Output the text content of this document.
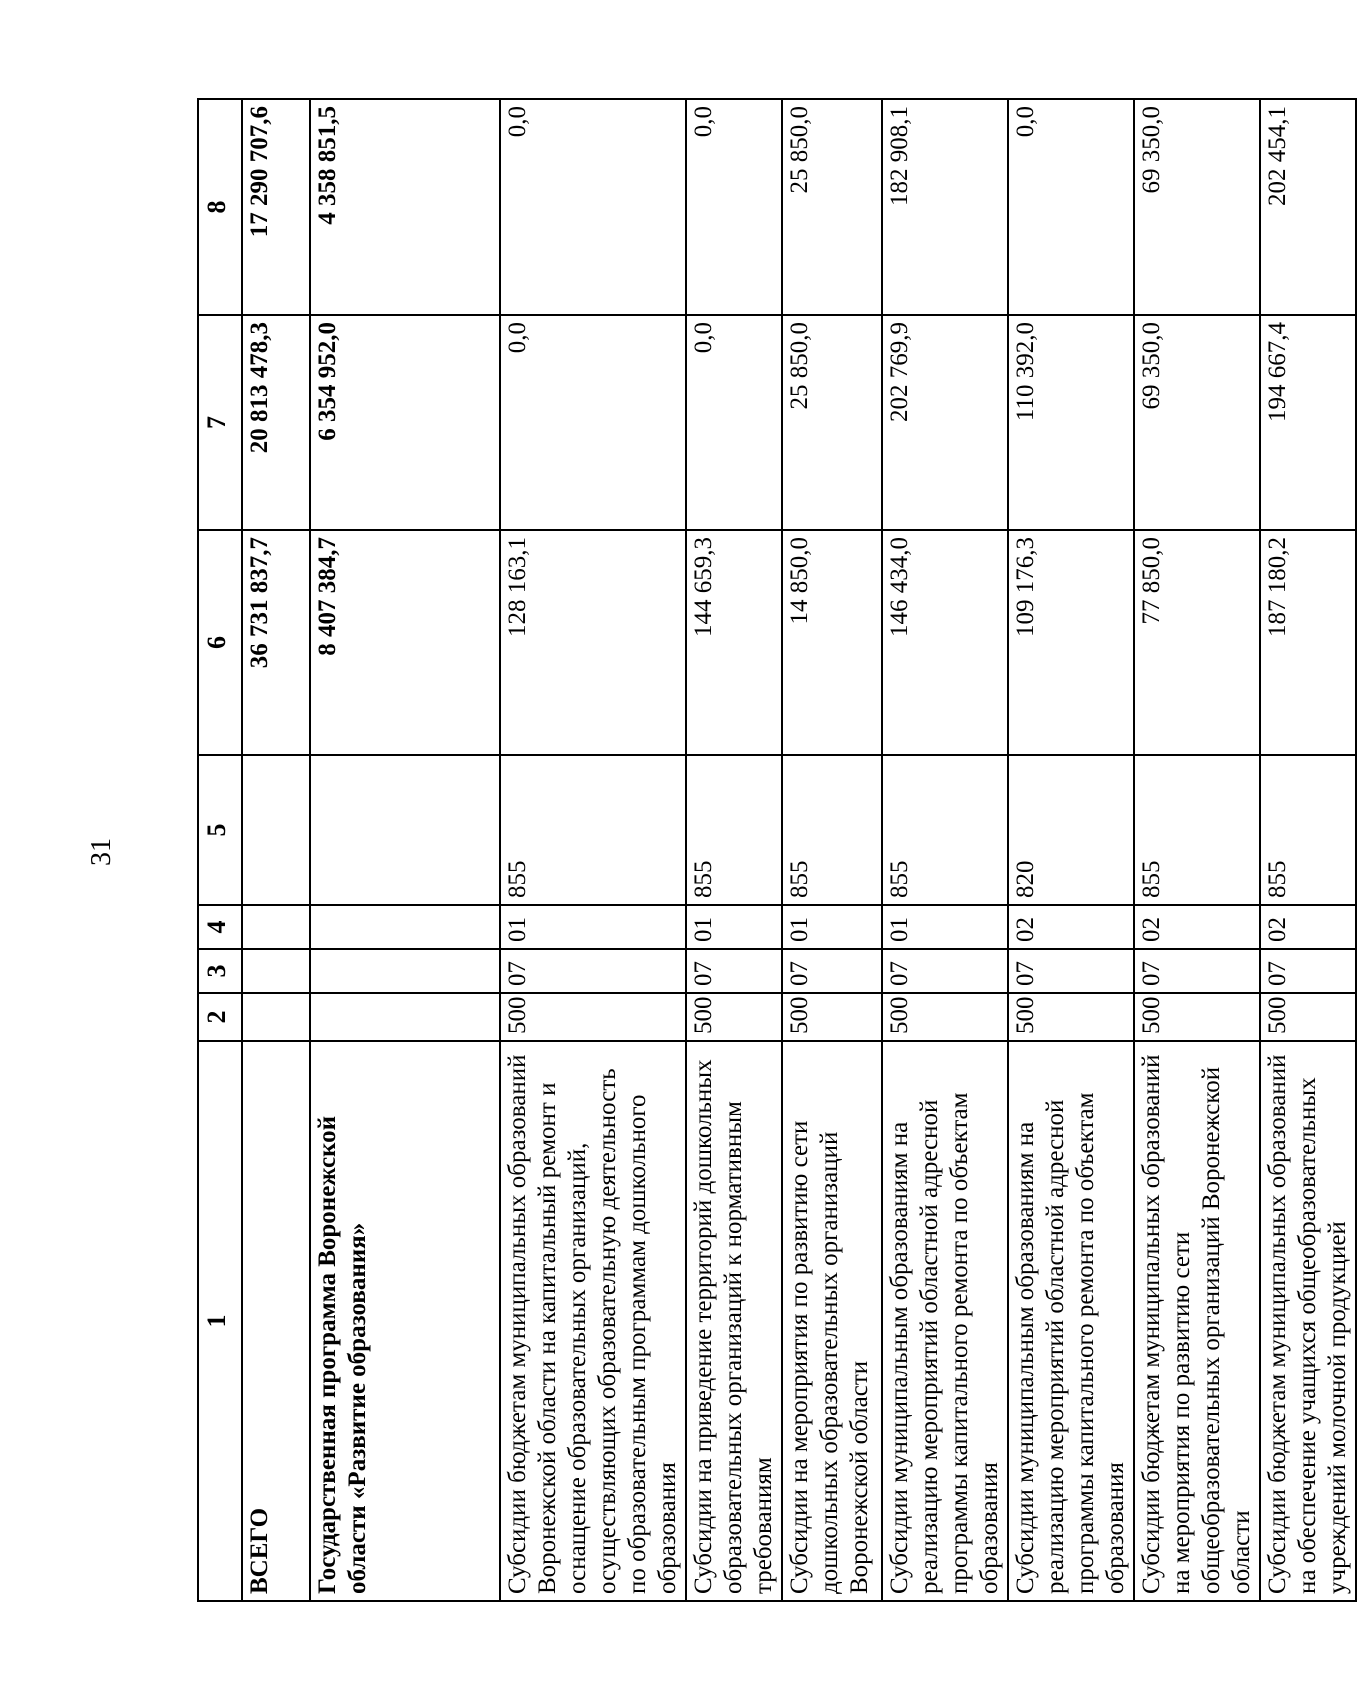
31
1	2	3	4	5	6	7	8
ВСЕГО					36 731 837,7	20 813 478,3	17 290 707,6
Государственная программа Воронежской области «Развитие образования»					8 407 384,7	6 354 952,0	4 358 851,5
Субсидии бюджетам муниципальных образований Воронежской области на капитальный ремонт и оснащение образовательных организаций, осуществляющих образовательную деятельность по образовательным программам дошкольного образования	500	07	01	855	128 163,1	0,0	0,0
Субсидии на приведение территорий дошкольных образовательных организаций к нормативным требованиям	500	07	01	855	144 659,3	0,0	0,0
Субсидии на мероприятия по развитию сети дошкольных образовательных организаций Воронежской области	500	07	01	855	14 850,0	25 850,0	25 850,0
Субсидии муниципальным образованиям на реализацию мероприятий областной адресной программы капитального ремонта по объектам образования	500	07	01	855	146 434,0	202 769,9	182 908,1
Субсидии муниципальным образованиям на реализацию мероприятий областной адресной программы капитального ремонта по объектам образования	500	07	02	820	109 176,3	110 392,0	0,0
Субсидии бюджетам муниципальных образований на мероприятия по развитию сети общеобразовательных организаций Воронежской области	500	07	02	855	77 850,0	69 350,0	69 350,0
Субсидии бюджетам муниципальных образований на обеспечение учащихся общеобразовательных учреждений молочной продукцией	500	07	02	855	187 180,2	194 667,4	202 454,1
